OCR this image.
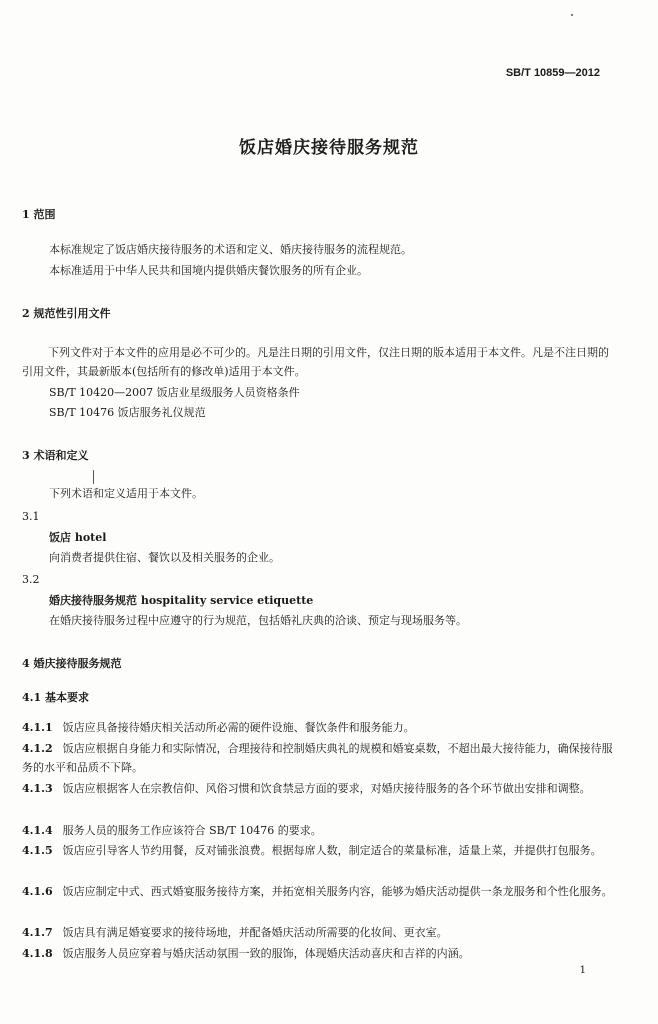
SB/T 10859—2012
饭店婚庆接待服务规范
1 范围
本标准规定了饭店婚庆接待服务的术语和定义、婚庆接待服务的流程规范。
本标准适用于中华人民共和国境内提供婚庆餐饮服务的所有企业。
2 规范性引用文件
下列文件对于本文件的应用是必不可少的。凡是注日期的引用文件，仅注日期的版本适用于本文件。凡是不注日期的引用文件，其最新版本(包括所有的修改单)适用于本文件。
SB/T 10420—2007 饭店业星级服务人员资格条件
SB/T 10476 饭店服务礼仪规范
3 术语和定义
下列术语和定义适用于本文件。
3.1
饭店 hotel
向消费者提供住宿、餐饮以及相关服务的企业。
3.2
婚庆接待服务规范 hospitality service etiquette
在婚庆接待服务过程中应遵守的行为规范，包括婚礼庆典的洽谈、预定与现场服务等。
4 婚庆接待服务规范
4.1 基本要求
4.1.1 饭店应具备接待婚庆相关活动所必需的硬件设施、餐饮条件和服务能力。
4.1.2 饭店应根据自身能力和实际情况，合理接待和控制婚庆典礼的规模和婚宴桌数，不超出最大接待能力，确保接待服务的水平和品质不下降。
4.1.3 饭店应根据客人在宗教信仰、风俗习惯和饮食禁忌方面的要求，对婚庆接待服务的各个环节做出安排和调整。
4.1.4 服务人员的服务工作应该符合 SB/T 10476 的要求。
4.1.5 饭店应引导客人节约用餐，反对铺张浪费。根据每席人数，制定适合的菜量标准，适量上菜，并提供打包服务。
4.1.6 饭店应制定中式、西式婚宴服务接待方案，并拓宽相关服务内容，能够为婚庆活动提供一条龙服务和个性化服务。
4.1.7 饭店具有满足婚宴要求的接待场地，并配备婚庆活动所需要的化妆间、更衣室。
4.1.8 饭店服务人员应穿着与婚庆活动氛围一致的服饰，体现婚庆活动喜庆和吉祥的内涵。
1
